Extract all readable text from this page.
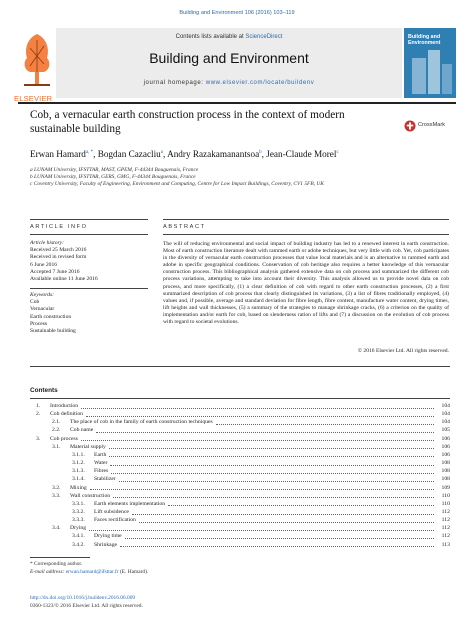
Building and Environment 106 (2016) 103–119
ELSEVIER
Contents lists available at ScienceDirect
Building and Environment
journal homepage: www.elsevier.com/locate/buildenv
Building and Environment
Cob, a vernacular earth construction process in the context of modern
sustainable building	CrossMark
Erwan Hamard$^{a, *}$, Bogdan Cazacliu$^a$, Andry Razakamanantsoa$^b$, Jean-Claude Morel$^c$
a LUNAM University, IFSTTAR, MAST, GPEM, F-44344 Bouguenais, France
b LUNAM University, IFSTTAR, GERS, GMG, F-44344 Bouguenais, France
c Coventry University, Faculty of Engineering, Environment and Computing, Centre for Low Impact Buildings, Coventry, CV1 5FB, UK
ARTICLE INFO
Article history:
Received 25 March 2016
Received in revised form
6 June 2016
Accepted 7 June 2016
Available online 11 June 2016
Keywords:
Cob
Vernacular
Earth construction
Process
Sustainable building
ABSTRACT
The will of reducing environmental and social impact of building industry has led to a renewed interest in earth construction. Most of earth construction literature dealt with rammed earth or adobe techniques, but very little with cob. Yet, cob participates in the diversity of vernacular earth construction processes that value local materials and is an alternative to rammed earth and adobe in specific geographical conditions. Conservation of cob heritage also requires a better knowledge of this vernacular construction process. This bibliographical analysis gathered extensive data on cob process and summarized the different cob process variations, attempting to take into account their diversity. This analysis allowed us to provide novel data on cob process, and more specifically, (1) a clear definition of cob with regard to other earth construction processes, (2) a first summarized description of cob process that clearly distinguished its variations, (3) a list of fibres traditionally employed, (4) values and, if possible, average and standard deviation for fibre length, fibre content, manufacture water content, drying times, lift heights and wall thicknesses, (5) a summary of the strategies to manage shrinkage cracks, (6) a criterion on the quality of implementation and/or earth for cob, based on slenderness ration of lifts and (7) a discussion on the evolution of cob process with regard to societal evolutions.
© 2016 Elsevier Ltd. All rights reserved.
Contents
1. Introduction	104
2. Cob definition	104
2.1. The place of cob in the family of earth construction techniques	104
2.2. Cob name	105
3. Cob process	106
3.1. Material supply	106
3.1.1. Earth	106
3.1.2. Water	108
3.1.3. Fibres	108
3.1.4. Stabilizer	108
3.2. Mixing	109
3.3. Wall construction	110
3.3.1. Earth elements implementation	110
3.3.2. Lift subsidence	112
3.3.3. Faces rectification	112
3.4. Drying	112
3.4.1. Drying time	112
3.4.2. Shrinkage	113
* Corresponding author.
E-mail address: erwan.hamard@ifsttar.fr (E. Hamard).
http://dx.doi.org/10.1016/j.buildenv.2016.06.009
0360-1323/© 2016 Elsevier Ltd. All rights reserved.
